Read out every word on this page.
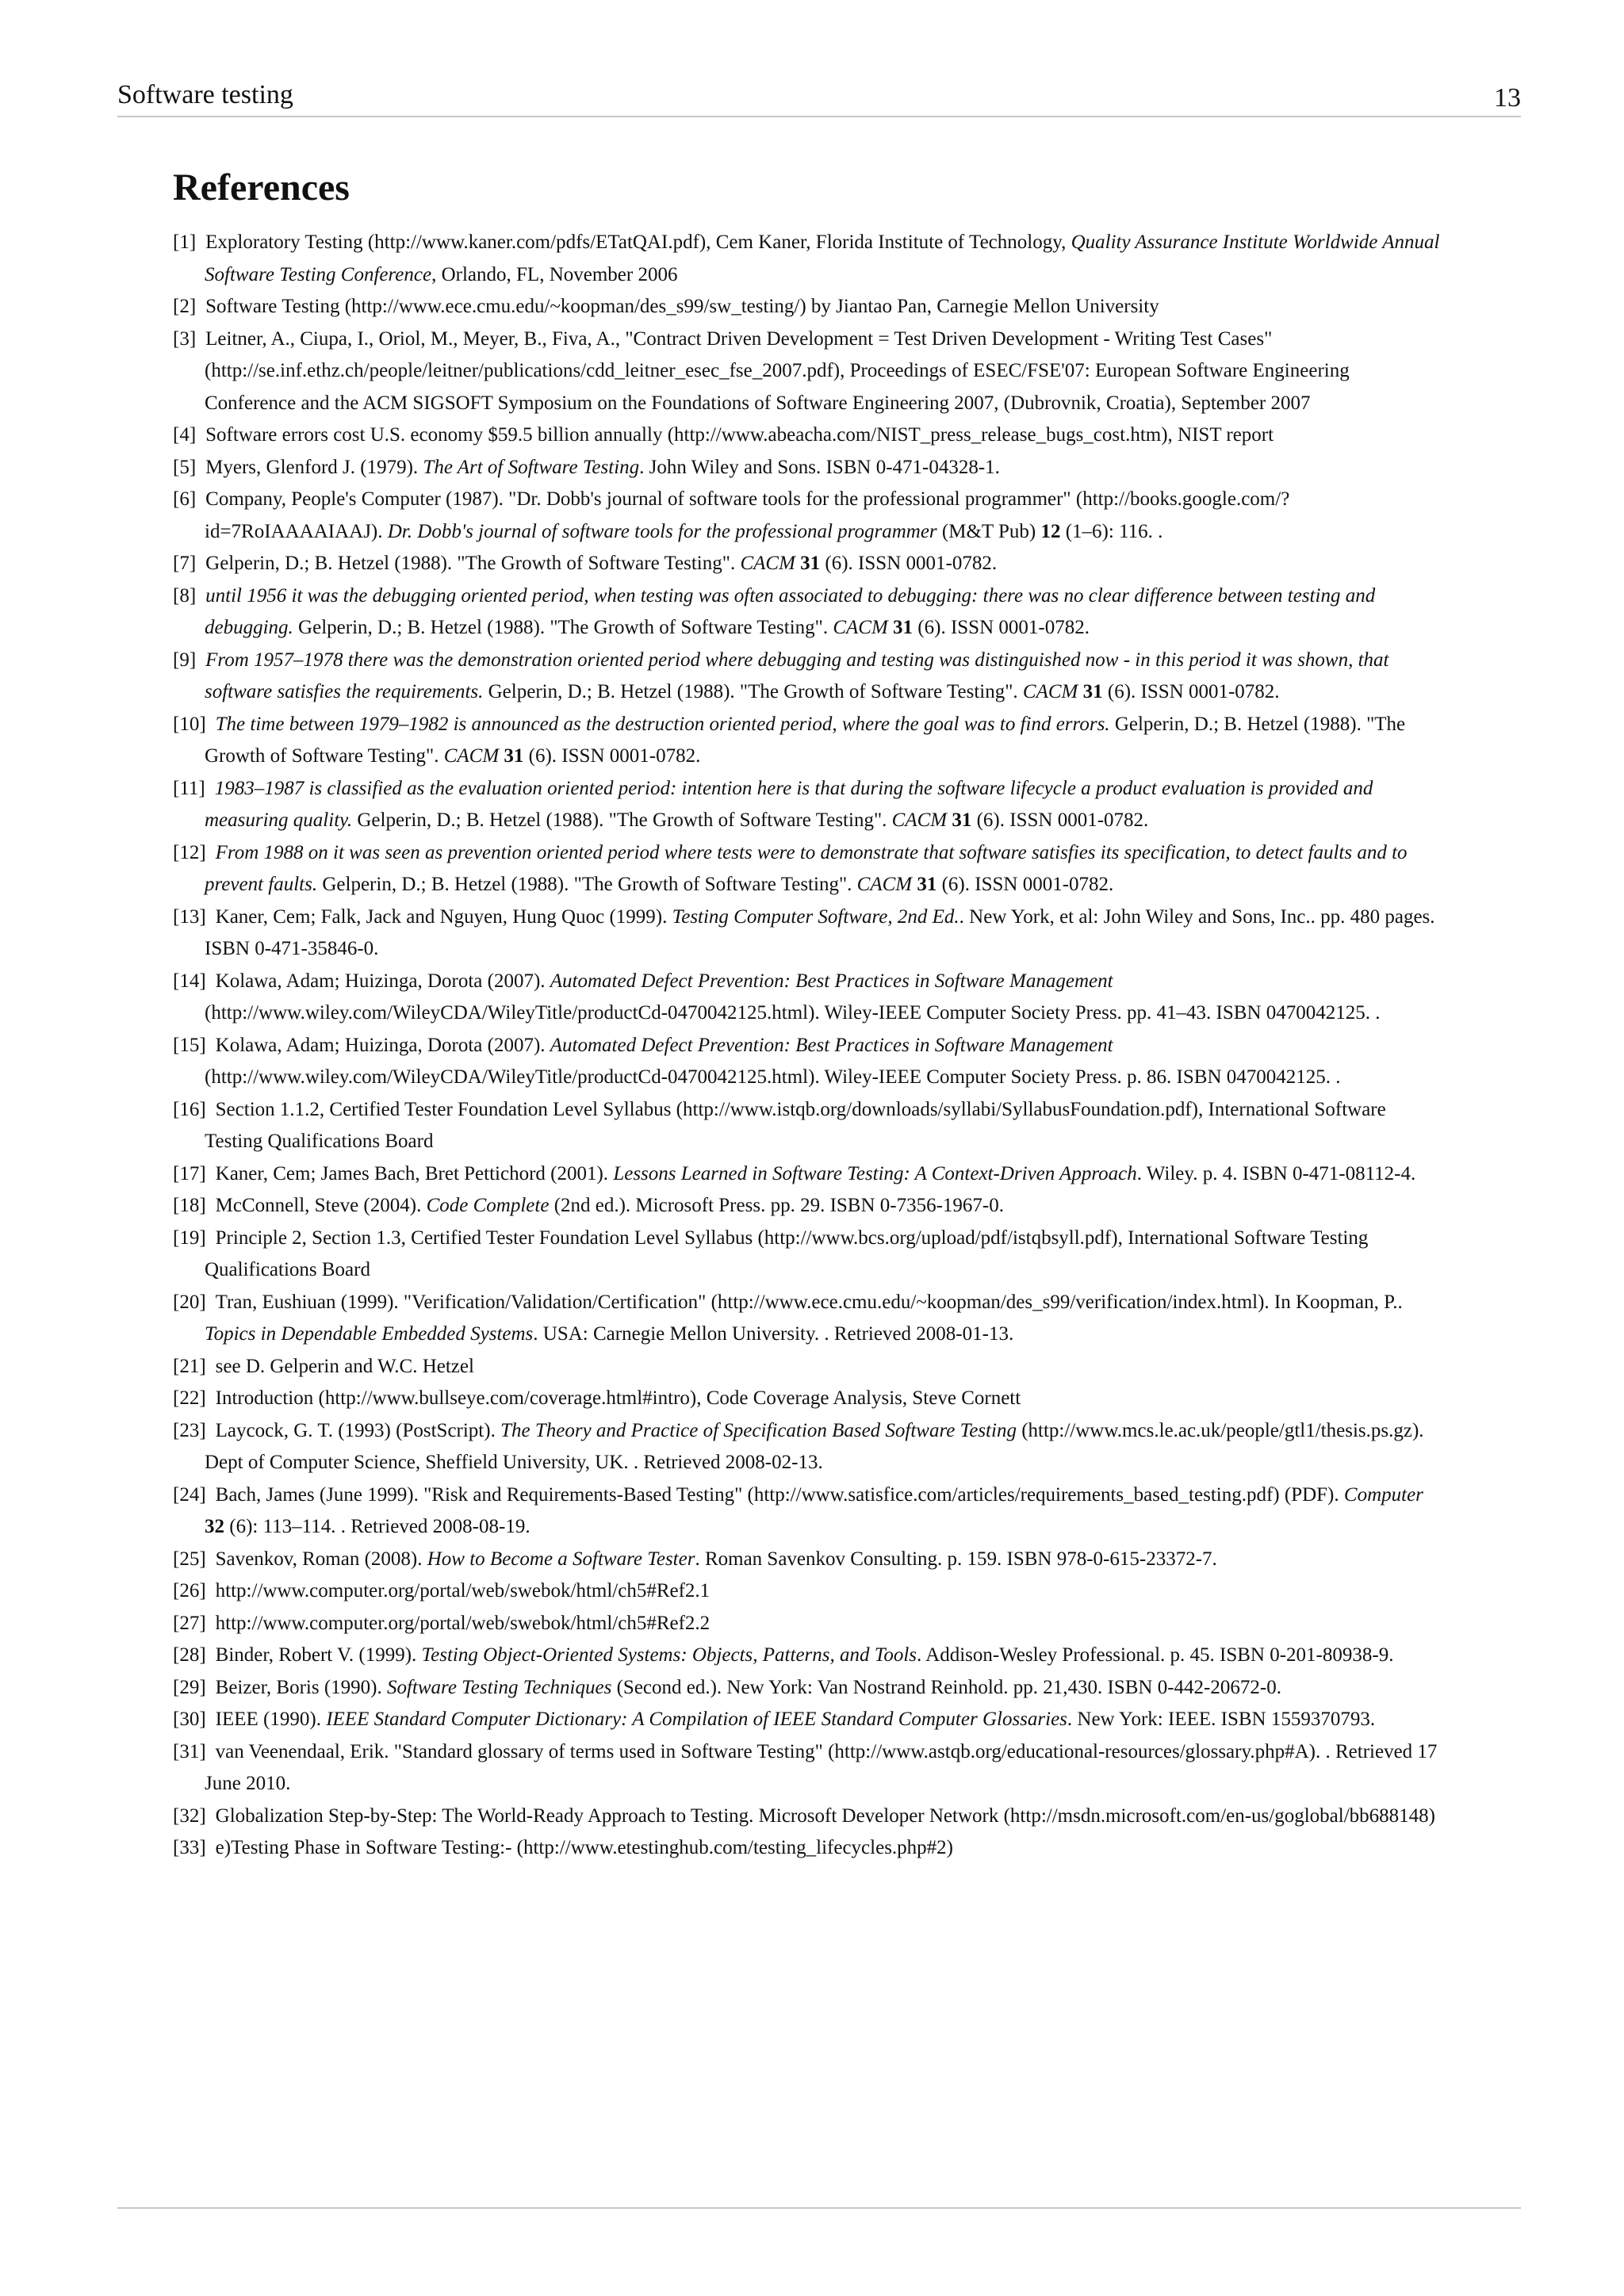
Software testing	13
References
[1] Exploratory Testing (http://www.kaner.com/pdfs/ETatQAI.pdf), Cem Kaner, Florida Institute of Technology, Quality Assurance Institute Worldwide Annual Software Testing Conference, Orlando, FL, November 2006
[2] Software Testing (http://www.ece.cmu.edu/~koopman/des_s99/sw_testing/) by Jiantao Pan, Carnegie Mellon University
[3] Leitner, A., Ciupa, I., Oriol, M., Meyer, B., Fiva, A., "Contract Driven Development = Test Driven Development - Writing Test Cases" (http://se.inf.ethz.ch/people/leitner/publications/cdd_leitner_esec_fse_2007.pdf), Proceedings of ESEC/FSE'07: European Software Engineering Conference and the ACM SIGSOFT Symposium on the Foundations of Software Engineering 2007, (Dubrovnik, Croatia), September 2007
[4] Software errors cost U.S. economy $59.5 billion annually (http://www.abeacha.com/NIST_press_release_bugs_cost.htm), NIST report
[5] Myers, Glenford J. (1979). The Art of Software Testing. John Wiley and Sons. ISBN 0-471-04328-1.
[6] Company, People's Computer (1987). "Dr. Dobb's journal of software tools for the professional programmer" (http://books.google.com/?id=7RoIAAAAIAAJ). Dr. Dobb's journal of software tools for the professional programmer (M&T Pub) 12 (1–6): 116. .
[7] Gelperin, D.; B. Hetzel (1988). "The Growth of Software Testing". CACM 31 (6). ISSN 0001-0782.
[8] until 1956 it was the debugging oriented period, when testing was often associated to debugging: there was no clear difference between testing and debugging. Gelperin, D.; B. Hetzel (1988). "The Growth of Software Testing". CACM 31 (6). ISSN 0001-0782.
[9] From 1957–1978 there was the demonstration oriented period where debugging and testing was distinguished now - in this period it was shown, that software satisfies the requirements. Gelperin, D.; B. Hetzel (1988). "The Growth of Software Testing". CACM 31 (6). ISSN 0001-0782.
[10] The time between 1979–1982 is announced as the destruction oriented period, where the goal was to find errors. Gelperin, D.; B. Hetzel (1988). "The Growth of Software Testing". CACM 31 (6). ISSN 0001-0782.
[11] 1983–1987 is classified as the evaluation oriented period: intention here is that during the software lifecycle a product evaluation is provided and measuring quality. Gelperin, D.; B. Hetzel (1988). "The Growth of Software Testing". CACM 31 (6). ISSN 0001-0782.
[12] From 1988 on it was seen as prevention oriented period where tests were to demonstrate that software satisfies its specification, to detect faults and to prevent faults. Gelperin, D.; B. Hetzel (1988). "The Growth of Software Testing". CACM 31 (6). ISSN 0001-0782.
[13] Kaner, Cem; Falk, Jack and Nguyen, Hung Quoc (1999). Testing Computer Software, 2nd Ed.. New York, et al: John Wiley and Sons, Inc.. pp. 480 pages. ISBN 0-471-35846-0.
[14] Kolawa, Adam; Huizinga, Dorota (2007). Automated Defect Prevention: Best Practices in Software Management (http://www.wiley.com/WileyCDA/WileyTitle/productCd-0470042125.html). Wiley-IEEE Computer Society Press. pp. 41–43. ISBN 0470042125. .
[15] Kolawa, Adam; Huizinga, Dorota (2007). Automated Defect Prevention: Best Practices in Software Management (http://www.wiley.com/WileyCDA/WileyTitle/productCd-0470042125.html). Wiley-IEEE Computer Society Press. p. 86. ISBN 0470042125. .
[16] Section 1.1.2, Certified Tester Foundation Level Syllabus (http://www.istqb.org/downloads/syllabi/SyllabusFoundation.pdf), International Software Testing Qualifications Board
[17] Kaner, Cem; James Bach, Bret Pettichord (2001). Lessons Learned in Software Testing: A Context-Driven Approach. Wiley. p. 4. ISBN 0-471-08112-4.
[18] McConnell, Steve (2004). Code Complete (2nd ed.). Microsoft Press. pp. 29. ISBN 0-7356-1967-0.
[19] Principle 2, Section 1.3, Certified Tester Foundation Level Syllabus (http://www.bcs.org/upload/pdf/istqbsyll.pdf), International Software Testing Qualifications Board
[20] Tran, Eushiuan (1999). "Verification/Validation/Certification" (http://www.ece.cmu.edu/~koopman/des_s99/verification/index.html). In Koopman, P.. Topics in Dependable Embedded Systems. USA: Carnegie Mellon University. . Retrieved 2008-01-13.
[21] see D. Gelperin and W.C. Hetzel
[22] Introduction (http://www.bullseye.com/coverage.html#intro), Code Coverage Analysis, Steve Cornett
[23] Laycock, G. T. (1993) (PostScript). The Theory and Practice of Specification Based Software Testing (http://www.mcs.le.ac.uk/people/gtl1/thesis.ps.gz). Dept of Computer Science, Sheffield University, UK. . Retrieved 2008-02-13.
[24] Bach, James (June 1999). "Risk and Requirements-Based Testing" (http://www.satisfice.com/articles/requirements_based_testing.pdf) (PDF). Computer 32 (6): 113–114. . Retrieved 2008-08-19.
[25] Savenkov, Roman (2008). How to Become a Software Tester. Roman Savenkov Consulting. p. 159. ISBN 978-0-615-23372-7.
[26] http://www.computer.org/portal/web/swebok/html/ch5#Ref2.1
[27] http://www.computer.org/portal/web/swebok/html/ch5#Ref2.2
[28] Binder, Robert V. (1999). Testing Object-Oriented Systems: Objects, Patterns, and Tools. Addison-Wesley Professional. p. 45. ISBN 0-201-80938-9.
[29] Beizer, Boris (1990). Software Testing Techniques (Second ed.). New York: Van Nostrand Reinhold. pp. 21,430. ISBN 0-442-20672-0.
[30] IEEE (1990). IEEE Standard Computer Dictionary: A Compilation of IEEE Standard Computer Glossaries. New York: IEEE. ISBN 1559370793.
[31] van Veenendaal, Erik. "Standard glossary of terms used in Software Testing" (http://www.astqb.org/educational-resources/glossary.php#A). . Retrieved 17 June 2010.
[32] Globalization Step-by-Step: The World-Ready Approach to Testing. Microsoft Developer Network (http://msdn.microsoft.com/en-us/goglobal/bb688148)
[33] e)Testing Phase in Software Testing:- (http://www.etestinghub.com/testing_lifecycles.php#2)
